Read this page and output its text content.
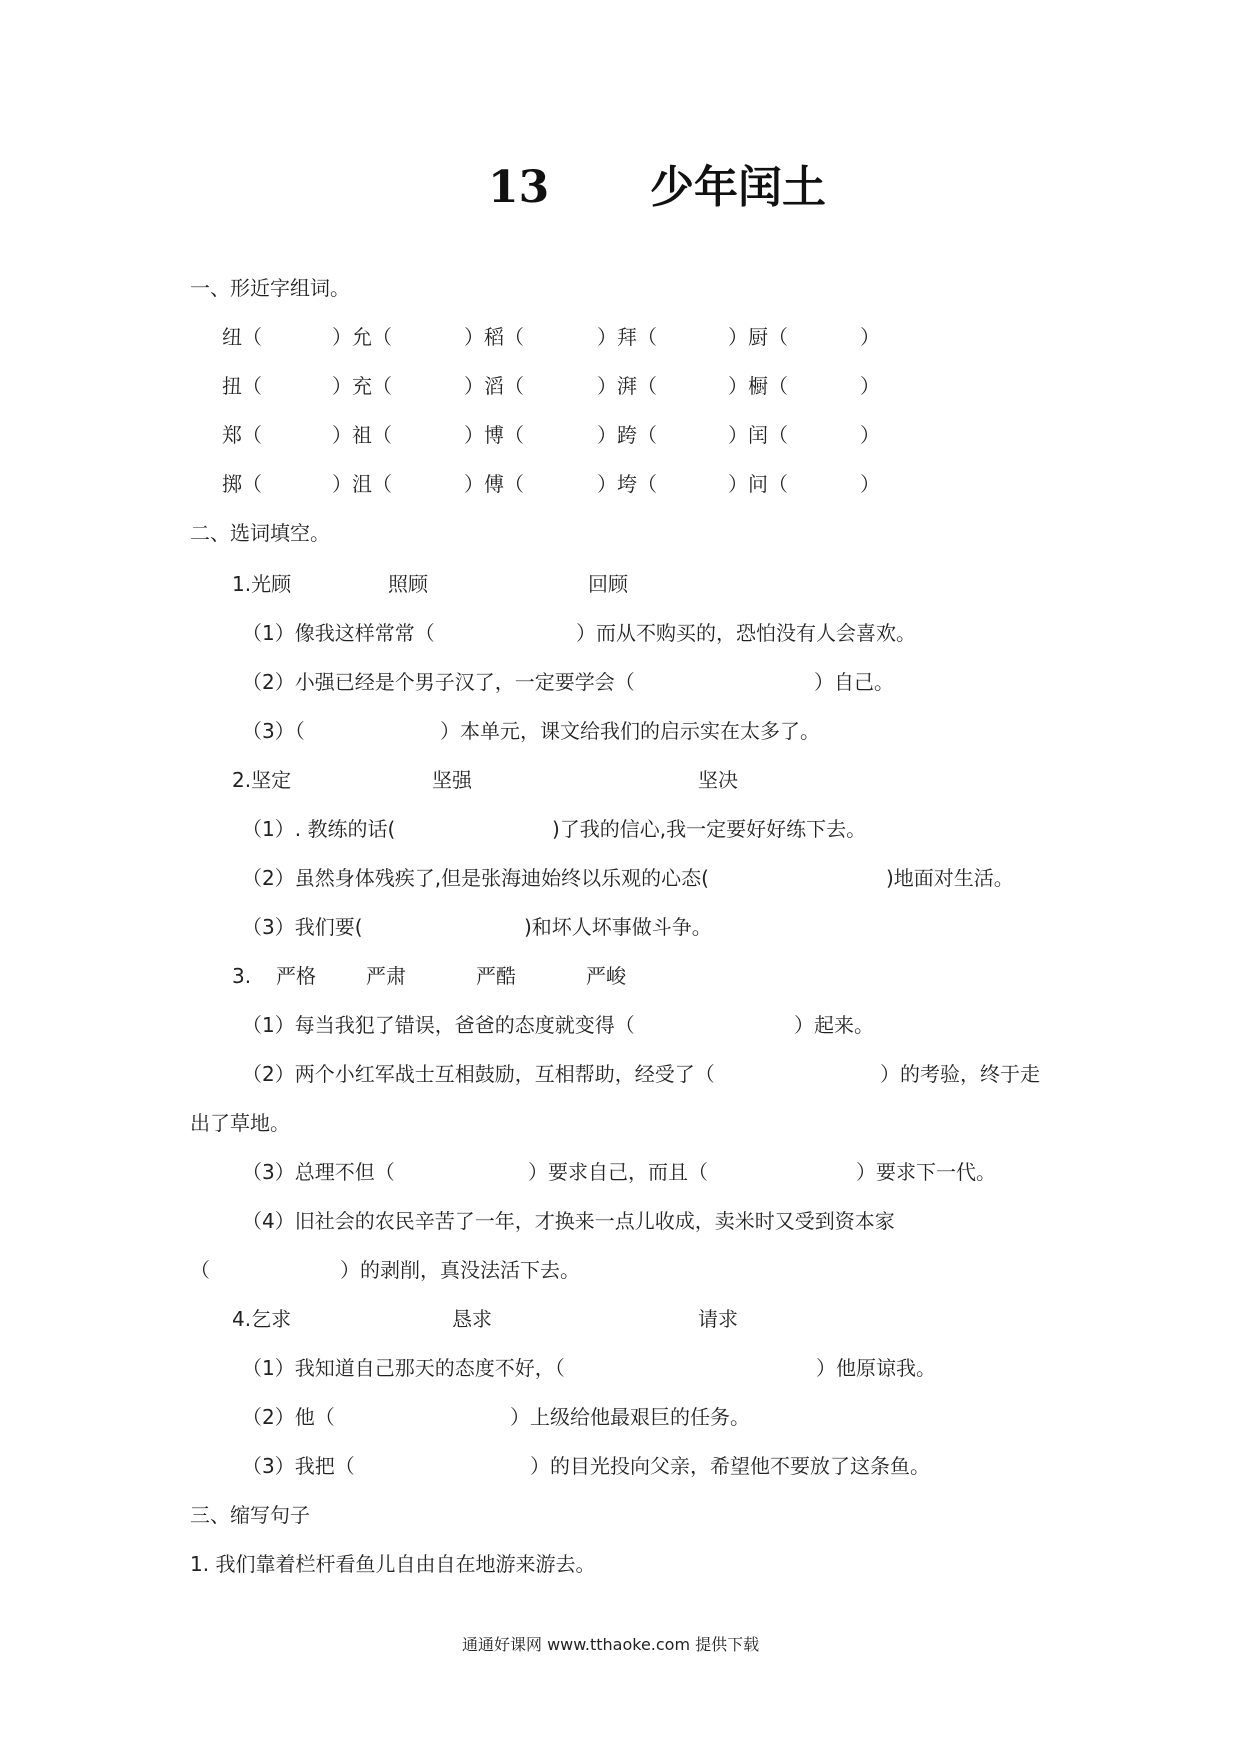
13 少年闰土
一、形近字组词。
纽（	）允（	）稻（	）拜（	）厨（	）
扭（	）充（	）滔（	）湃（	）橱（	）
郑（	）祖（	）博（	）跨（	）闰（	）
掷（	）沮（	）傅（	）垮（	）问（	）
二、选词填空。
1.光顾	照顾	回顾
（1）像我这样常常（	）而从不购买的，恐怕没有人会喜欢。
（2）小强已经是个男子汉了，一定要学会（	）自己。
（3）（	）本单元，课文给我们的启示实在太多了。
2.坚定	坚强	坚决
（1）. 教练的话(	)了我的信心,我一定要好好练下去。
（2）虽然身体残疾了,但是张海迪始终以乐观的心态(	)地面对生活。
（3）我们要(	)和坏人坏事做斗争。
3. 严格	严肃	严酷	严峻
（1）每当我犯了错误，爸爸的态度就变得（	）起来。
（2）两个小红军战士互相鼓励，互相帮助，经受了（	）的考验，终于走
出了草地。
（3）总理不但（	）要求自己，而且（	）要求下一代。
（4）旧社会的农民辛苦了一年，才换来一点儿收成，卖米时又受到资本家
（	）的剥削，真没法活下去。
4.乞求	恳求	请求
（1）我知道自己那天的态度不好，（	）他原谅我。
（2）他（	）上级给他最艰巨的任务。
（3）我把（	）的目光投向父亲，希望他不要放了这条鱼。
三、缩写句子
1. 我们靠着栏杆看鱼儿自由自在地游来游去。
通通好课网 www.tthaoke.com 提供下载
